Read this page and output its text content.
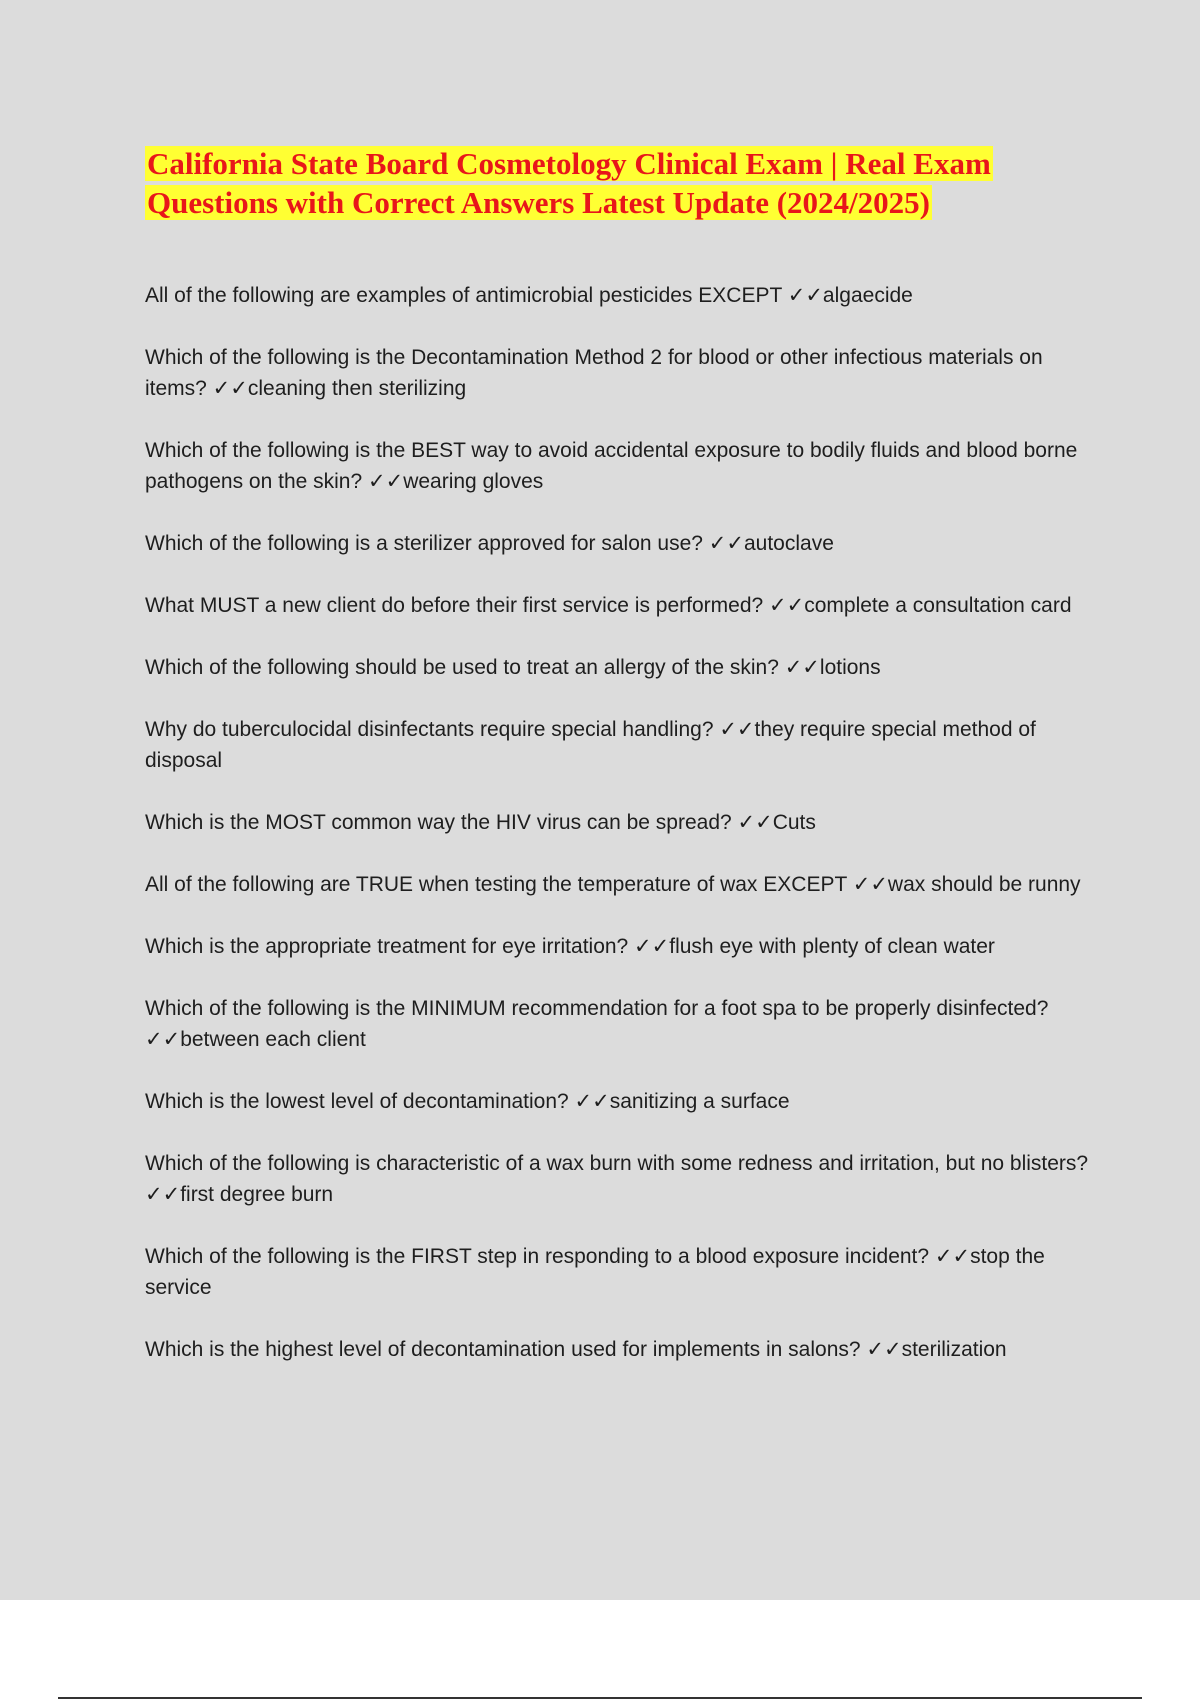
California State Board Cosmetology Clinical Exam | Real Exam Questions with Correct Answers Latest Update (2024/2025)
All of the following are examples of antimicrobial pesticides EXCEPT ✓✓algaecide
Which of the following is the Decontamination Method 2 for blood or other infectious materials on items? ✓✓cleaning then sterilizing
Which of the following is the BEST way to avoid accidental exposure to bodily fluids and blood borne pathogens on the skin? ✓✓wearing gloves
Which of the following is a sterilizer approved for salon use? ✓✓autoclave
What MUST a new client do before their first service is performed? ✓✓complete a consultation card
Which of the following should be used to treat an allergy of the skin? ✓✓lotions
Why do tuberculocidal disinfectants require special handling? ✓✓they require special method of disposal
Which is the MOST common way the HIV virus can be spread? ✓✓Cuts
All of the following are TRUE when testing the temperature of wax EXCEPT ✓✓wax should be runny
Which is the appropriate treatment for eye irritation? ✓✓flush eye with plenty of clean water
Which of the following is the MINIMUM recommendation for a foot spa to be properly disinfected? ✓✓between each client
Which is the lowest level of decontamination? ✓✓sanitizing a surface
Which of the following is characteristic of a wax burn with some redness and irritation, but no blisters? ✓✓first degree burn
Which of the following is the FIRST step in responding to a blood exposure incident? ✓✓stop the service
Which is the highest level of decontamination used for implements in salons? ✓✓sterilization
